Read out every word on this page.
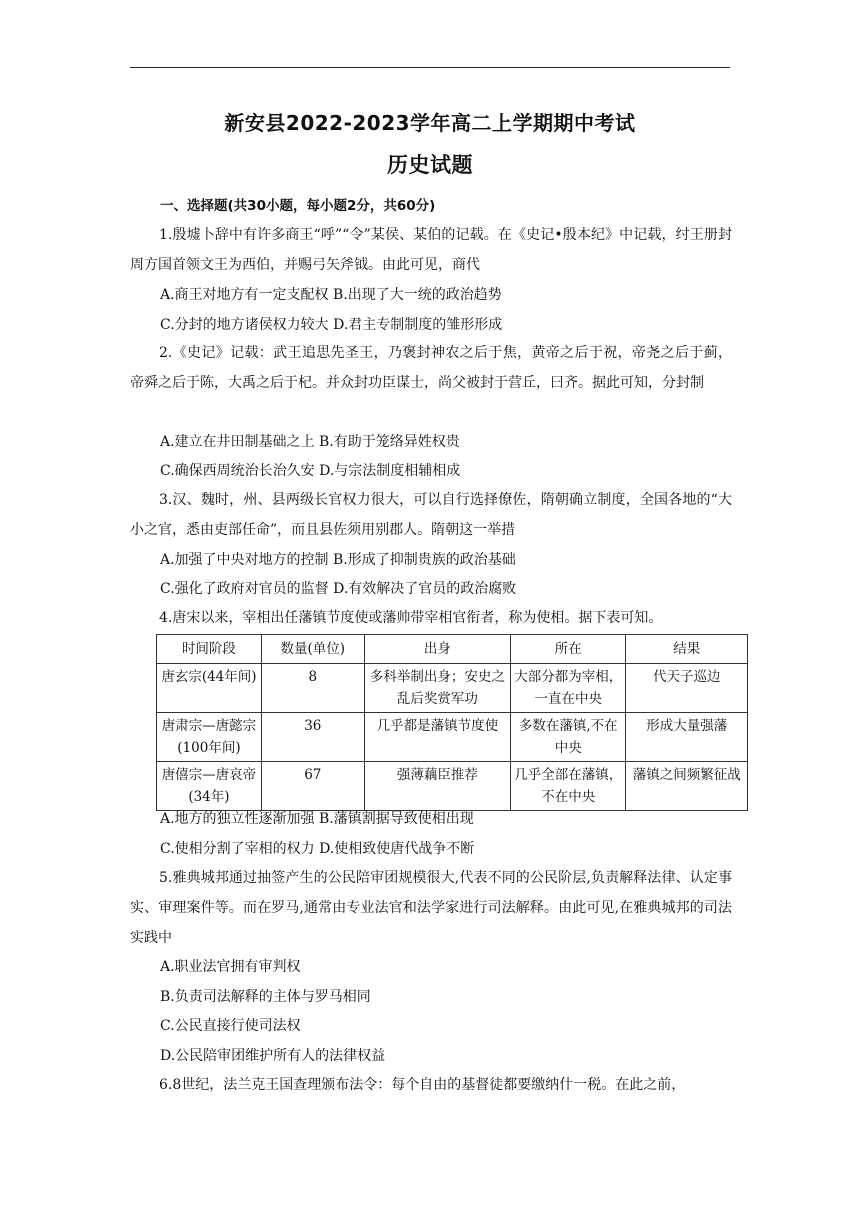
新安县2022-2023学年高二上学期期中考试
历史试题
一、选择题(共30小题，每小题2分，共60分)

1.殷墟卜辞中有许多商王“呼”“令”某侯、某伯的记载。在《史记•殷本纪》中记载，纣王册封周方国首领文王为西伯，并赐弓矢斧钺。由此可见，商代

A.商王对地方有一定支配权 B.出现了大一统的政治趋势
C.分封的地方诸侯权力较大 D.君主专制制度的雏形形成

2.《史记》记载：武王追思先圣王，乃褒封神农之后于焦，黄帝之后于祝，帝尧之后于蓟，帝舜之后于陈，大禹之后于杞。并众封功臣谋士，尚父被封于营丘，曰齐。据此可知，分封制

A.建立在井田制基础之上 B.有助于笼络异姓权贵
C.确保西周统治长治久安 D.与宗法制度相辅相成

3.汉、魏时，州、县两级长官权力很大，可以自行选择僚佐，隋朝确立制度，全国各地的“大小之官，悉由吏部任命”，而且县佐须用别郡人。隋朝这一举措

A.加强了中央对地方的控制 B.形成了抑制贵族的政治基础
C.强化了政府对官员的监督 D.有效解决了官员的政治腐败

4.唐宋以来，宰相出任藩镇节度使或藩帅带宰相官衔者，称为使相。据下表可知。

时间阶段	数量(单位)	出身	所在	结果
唐玄宗(44年间)	8	多科举制出身；安史之乱后奖赏军功	大部分都为宰相，一直在中央	代天子巡边
唐肃宗—唐懿宗(100年间)	36	几乎都是藩镇节度使	多数在藩镇,不在中央	形成大量强藩
唐僖宗—唐哀帝(34年)	67	强薄藕臣推荐	几乎全部在藩镇，不在中央	藩镇之间频繁征战
A.地方的独立性逐渐加强 B.藩镇割据导致使相出现
C.使相分割了宰相的权力 D.使相致使唐代战争不断

5.雅典城邦通过抽签产生的公民陪审团规模很大,代表不同的公民阶层,负责解释法律、认定事实、审理案件等。而在罗马,通常由专业法官和法学家进行司法解释。由此可见,在雅典城邦的司法实践中

A.职业法官拥有审判权
B.负责司法解释的主体与罗马相同
C.公民直接行使司法权
D.公民陪审团维护所有人的法律权益

6.8世纪，法兰克王国查理颁布法令：每个自由的基督徒都要缴纳什一税。在此之前，
